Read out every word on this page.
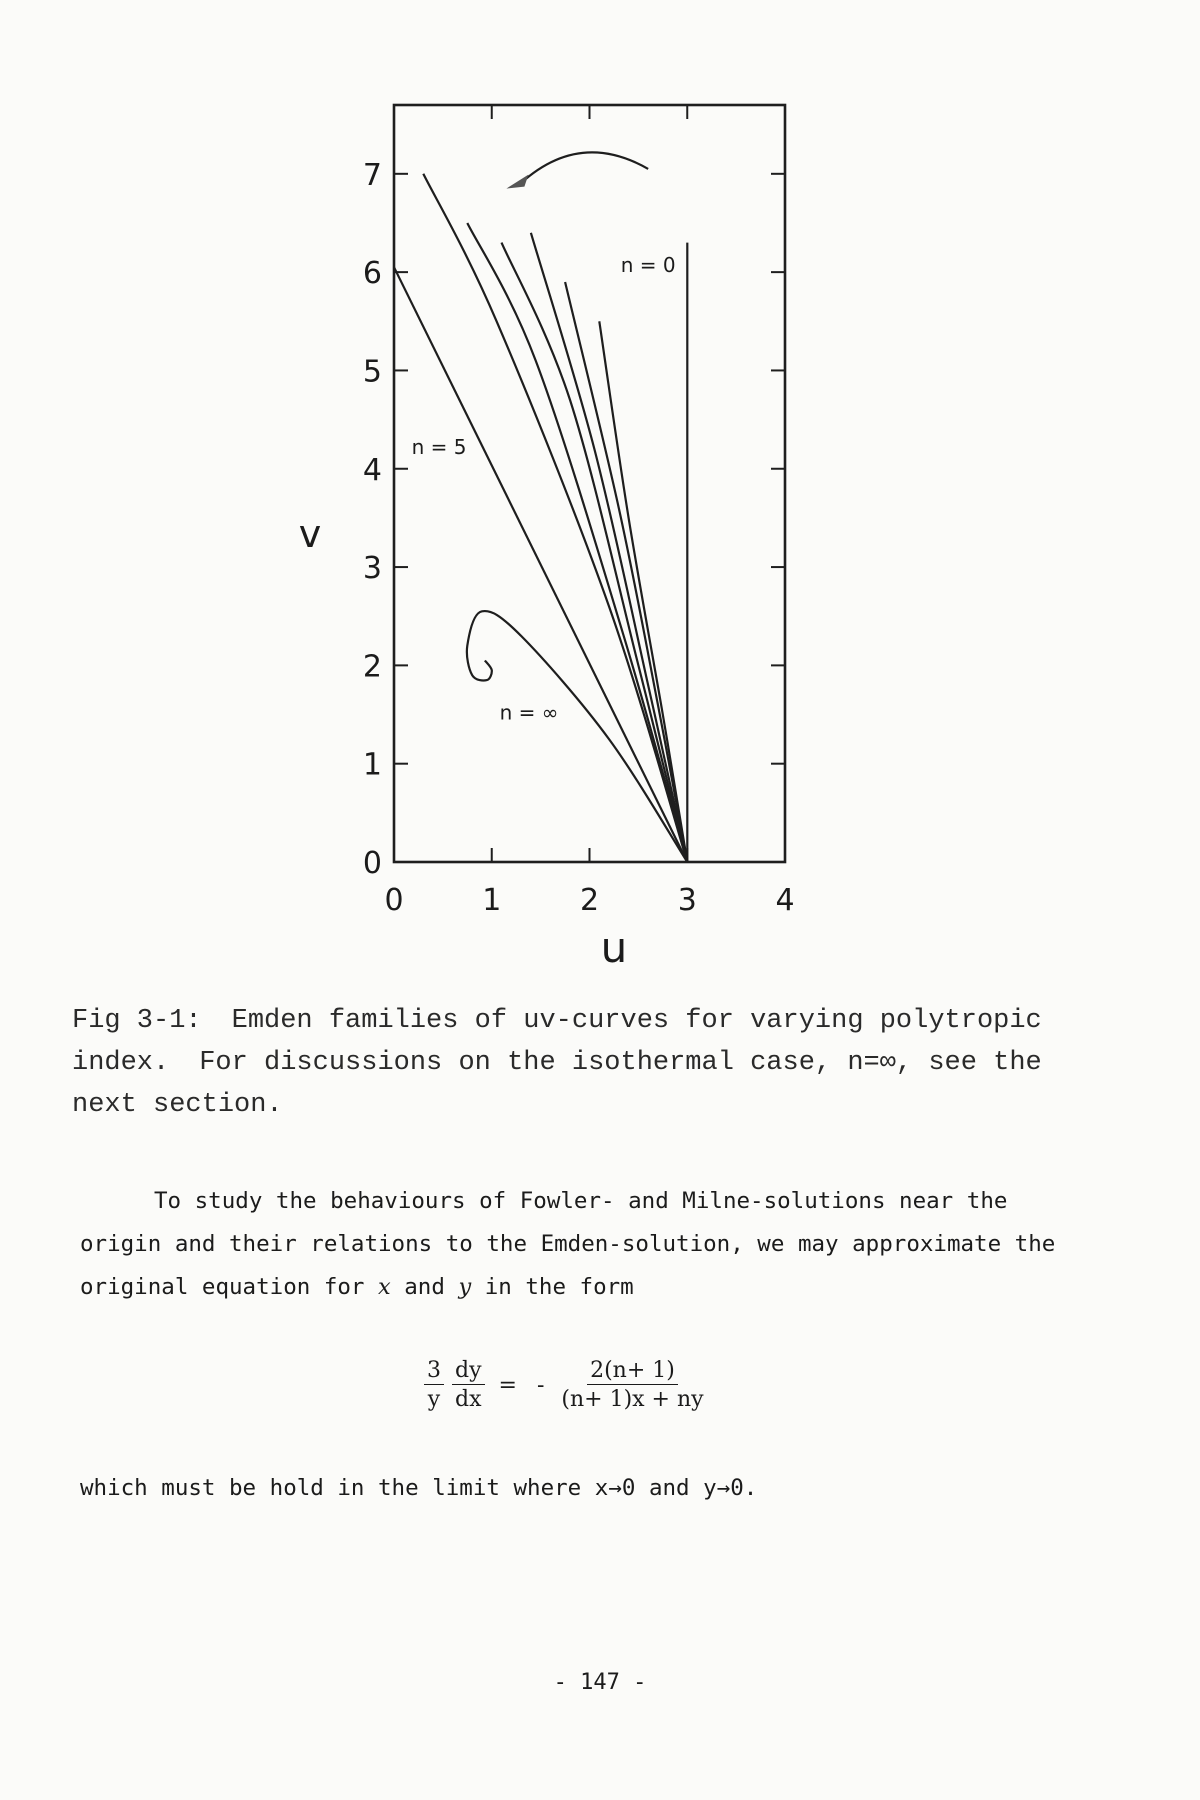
0	1	2	3	4
0
1
2
3
4
5
6
7
u
v
n = 0
n = 5
n = ∞
Fig 3-1: Emden families of uv-curves for varying polytropic
index. For discussions on the isothermal case, n=∞, see the
next section.
To study the behaviours of Fowler- and Milne-solutions near the
origin and their relations to the Emden-solution, we may approximate the
original equation for x and y in the form
$\frac{3}{y} \frac{dy}{dx}$ = - $\frac{2(n+ 1)}{(n+ 1)x + ny}$

which must be hold in the limit where x→0 and y→0.

- 147 -
